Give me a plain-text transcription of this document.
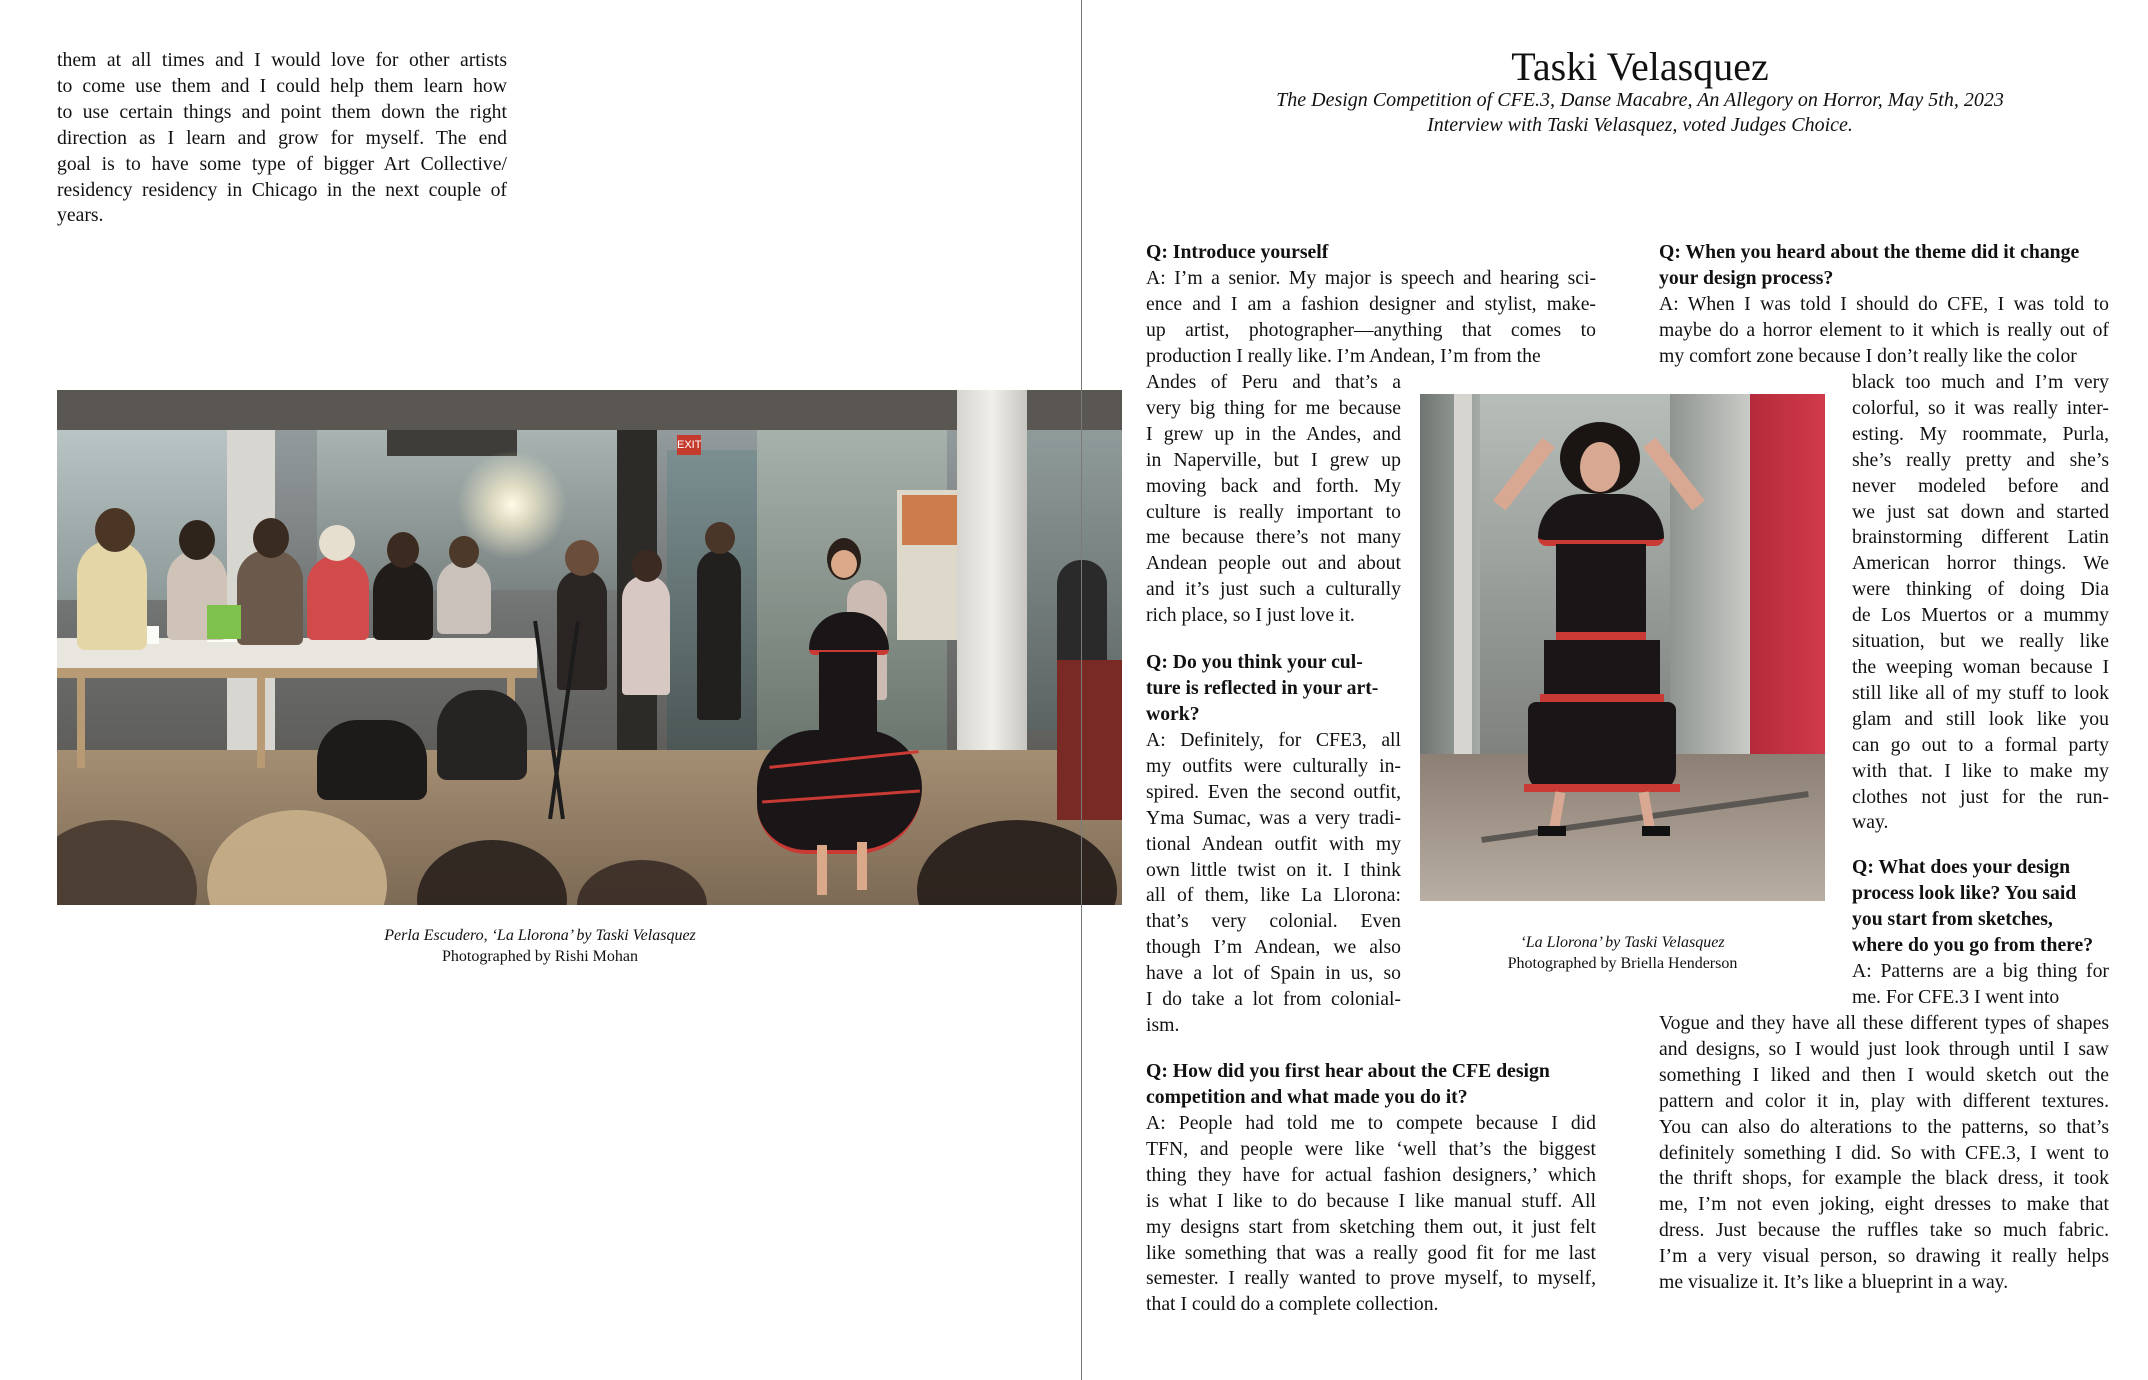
them at all times and I would love for other artists
to come use them and I could help them learn how
to use certain things and point them down the right
direction as I learn and grow for myself. The end
goal is to have some type of bigger Art Collective/
residency residency in Chicago in the next couple of
years.
EXIT
Perla Escudero, ‘La Llorona’ by Taski Velasquez
Photographed by Rishi Mohan
Taski Velasquez
The Design Competition of CFE.3, Danse Macabre, An Allegory on Horror, May 5th, 2023
Interview with Taski Velasquez, voted Judges Choice.
Q: Introduce yourself
A: I’m a senior. My major is speech and hearing sci-
ence and I am a fashion designer and stylist, make-
up artist, photographer—anything that comes to
production I really like. I’m Andean, I’m from the
Andes of Peru and that’s a
very big thing for me because
I grew up in the Andes, and
in Naperville, but I grew up
moving back and forth. My
culture is really important to
me because there’s not many
Andean people out and about
and it’s just such a culturally
rich place, so I just love it.
Q: Do you think your cul-
ture is reflected in your art-
work?
A: Definitely, for CFE3, all
my outfits were culturally in-
spired. Even the second outfit,
Yma Sumac, was a very tradi-
tional Andean outfit with my
own little twist on it. I think
all of them, like La Llorona:
that’s very colonial. Even
though I’m Andean, we also
have a lot of Spain in us, so
I do take a lot from colonial-
ism.
Q: How did you first hear about the CFE design
competition and what made you do it?
A: People had told me to compete because I did
TFN, and people were like ‘well that’s the biggest
thing they have for actual fashion designers,’ which
is what I like to do because I like manual stuff. All
my designs start from sketching them out, it just felt
like something that was a really good fit for me last
semester. I really wanted to prove myself, to myself,
that I could do a complete collection.
‘La Llorona’ by Taski Velasquez
Photographed by Briella Henderson
Q: When you heard about the theme did it change
your design process?
A: When I was told I should do CFE, I was told to
maybe do a horror element to it which is really out of
my comfort zone because I don’t really like the color
black too much and I’m very
colorful, so it was really inter-
esting. My roommate, Purla,
she’s really pretty and she’s
never modeled before and
we just sat down and started
brainstorming different Latin
American horror things. We
were thinking of doing Dia
de Los Muertos or a mummy
situation, but we really like
the weeping woman because I
still like all of my stuff to look
glam and still look like you
can go out to a formal party
with that. I like to make my
clothes not just for the run-
way.
Q: What does your design
process look like? You said
you start from sketches,
where do you go from there?
A: Patterns are a big thing for
me. For CFE.3 I went into
Vogue and they have all these different types of shapes
and designs, so I would just look through until I saw
something I liked and then I would sketch out the
pattern and color it in, play with different textures.
You can also do alterations to the patterns, so that’s
definitely something I did. So with CFE.3, I went to
the thrift shops, for example the black dress, it took
me, I’m not even joking, eight dresses to make that
dress. Just because the ruffles take so much fabric.
I’m a very visual person, so drawing it really helps
me visualize it. It’s like a blueprint in a way.
